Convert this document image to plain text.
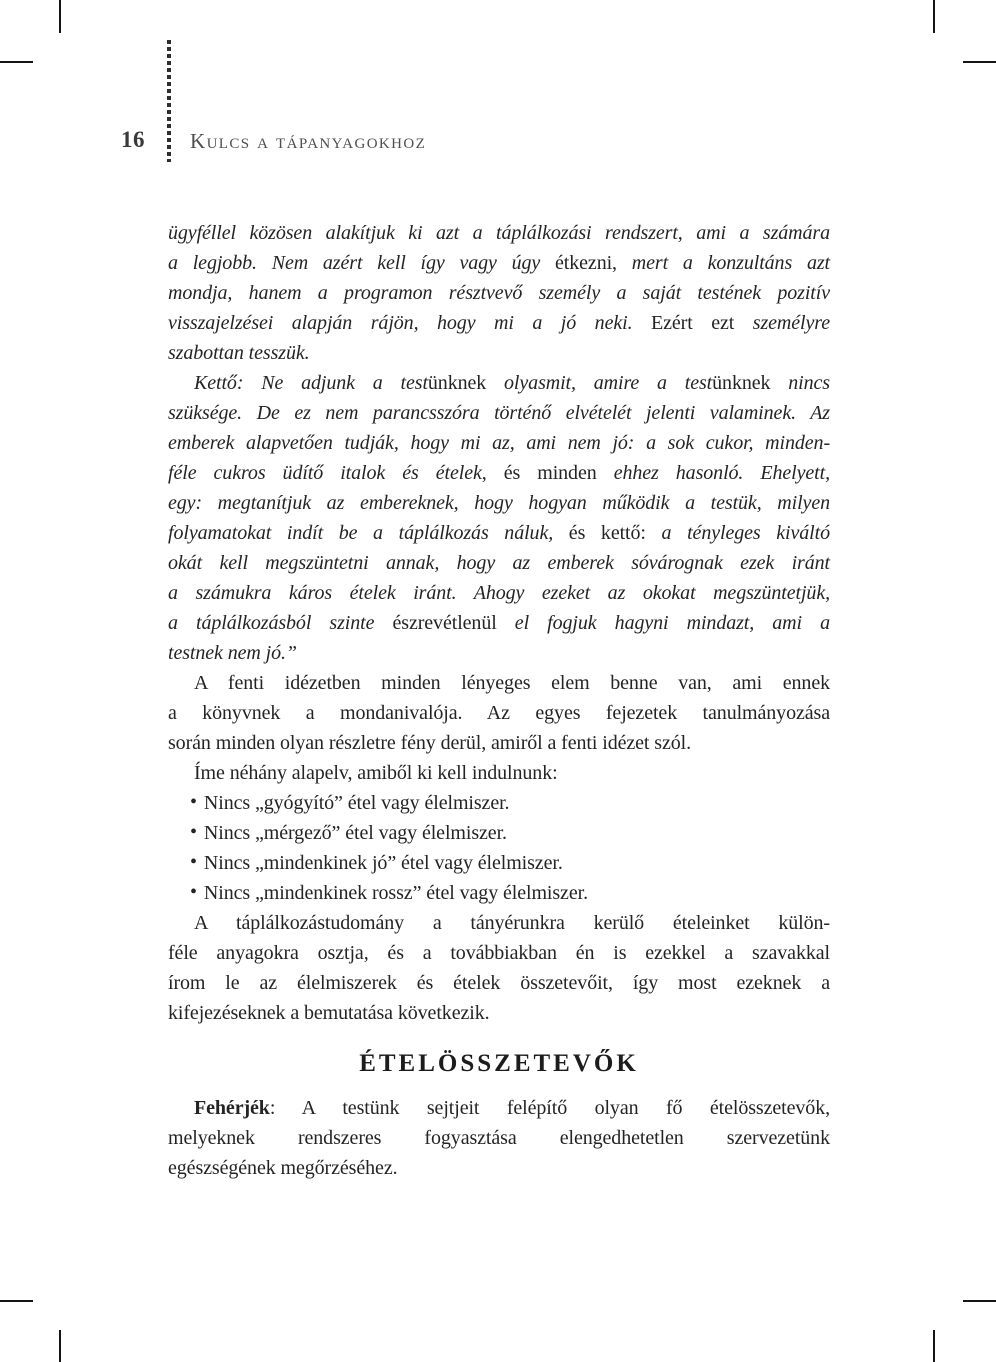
16 Kulcs a tápanyagokhoz

ügyféllel közösen alakítjuk ki azt a táplálkozási rendszert, ami a számára
a legjobb. Nem azért kell így vagy úgy étkezni, mert a konzultáns azt
mondja, hanem a programon résztvevő személy a saját testének pozitív
visszajelzései alapján rájön, hogy mi a jó neki. Ezért ezt személyre
szabottan tesszük.

Kettő: Ne adjunk a testünknek olyasmit, amire a testünknek nincs
szüksége. De ez nem parancsszóra történő elvételét jelenti valaminek. Az
emberek alapvetően tudják, hogy mi az, ami nem jó: a sok cukor, minden-
féle cukros üdítő italok és ételek, és minden ehhez hasonló. Ehelyett,
egy: megtanítjuk az embereknek, hogy hogyan működik a testük, milyen
folyamatokat indít be a táplálkozás náluk, és kettő: a tényleges kiváltó
okát kell megszüntetni annak, hogy az emberek sóvárognak ezek iránt
a számukra káros ételek iránt. Ahogy ezeket az okokat megszüntetjük,
a táplálkozásból szinte észrevétlenül el fogjuk hagyni mindazt, ami a
testnek nem jó.”

A fenti idézetben minden lényeges elem benne van, ami ennek
a könyvnek a mondanivalója. Az egyes fejezetek tanulmányozása
során minden olyan részletre fény derül, amiről a fenti idézet szól.

Íme néhány alapelv, amiből ki kell indulnunk:

• Nincs „gyógyító” étel vagy élelmiszer.
• Nincs „mérgező” étel vagy élelmiszer.
• Nincs „mindenkinek jó” étel vagy élelmiszer.
• Nincs „mindenkinek rossz” étel vagy élelmiszer.

A táplálkozástudomány a tányérunkra kerülő ételeinket külön-
féle anyagokra osztja, és a továbbiakban én is ezekkel a szavakkal
írom le az élelmiszerek és ételek összetevőit, így most ezeknek a
kifejezéseknek a bemutatása következik.

ÉTELÖSSZETEVŐK

Fehérjék: A testünk sejtjeit felépítő olyan fő ételösszetevők,
melyeknek rendszeres fogyasztása elengedhetetlen szervezetünk
egészségének megőrzéséhez.
